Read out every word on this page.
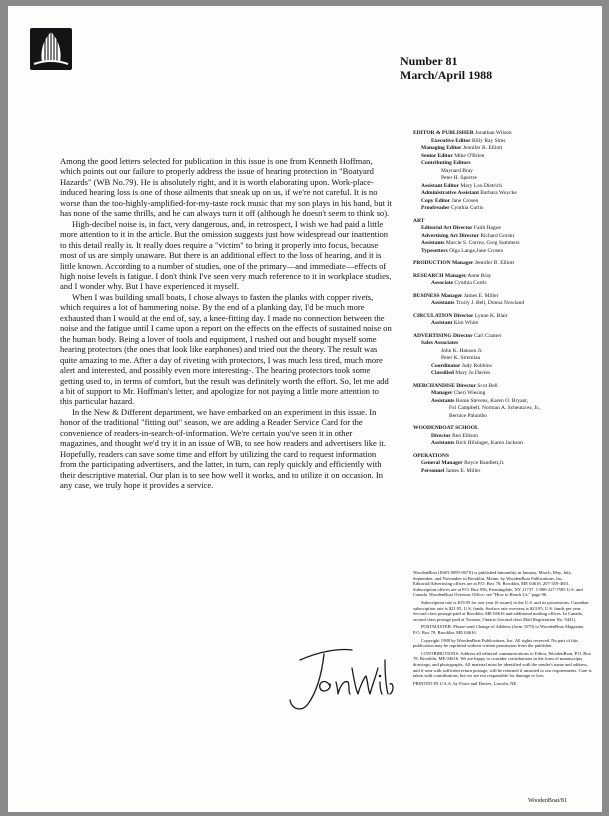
Number 81
March/April 1988

Among the good letters selected for publication in this issue is one from Kenneth Hoffman, which points out our failure to properly address the issue of hearing protection in "Boatyard Hazards" (WB No.79). He is absolutely right, and it is worth elaborating upon. Work-place-induced hearing loss is one of those ailments that sneak up on us, if we're not careful. It is no worse than the too-highly-amplified-for-my-taste rock music that my son plays in his band, but it has none of the same thrills, and he can always turn it off (although he doesn't seem to think so).

High-decibel noise is, in fact, very dangerous, and, in retrospect, I wish we had paid a little more attention to it in the article. But the omission suggests just how widespread our inattention to this detail really is. It really does require a "victim" to bring it properly into focus, because most of us are simply unaware. But there is an additional effect to the loss of hearing, and it is little known. According to a number of studies, one of the primary—and immediate—effects of high noise levels is fatigue. I don't think I've seen very much reference to it in workplace studies, and I wonder why. But I have experienced it myself.

When I was building small boats, I chose always to fasten the planks with copper rivets, which requires a lot of hammering noise. By the end of a planking day, I'd be much more exhausted than I would at the end of, say, a knee-fitting day. I made no connection between the noise and the fatigue until I came upon a report on the effects on the effects of sustained noise on the human body. Being a lover of tools and equipment, I rushed out and bought myself some hearing protectors (the ones that look like earphones) and tried out the theory. The result was quite amazing to me. After a day of riveting with protectors, I was much less tired, much more alert and interested, and possibly even more interesting-. The hearing protectors took some getting used to, in terms of comfort, but the result was definitely worth the effort. So, let me add a bit of support to Mr. Hoffman's letter, and apologize for not paying a little more attention to this particular hazard.

In the New & Different department, we have embarked on an experiment in this issue. In honor of the traditional "fitting out" season, we are adding a Reader Service Card for the convenience of readers-in-search-of-information. We're certain you've seen it in other magazines, and thought we'd try it in an issue of WB, to see how readers and advertisers like it. Hopefully, readers can save some time and effort by utilizing the card to request information from the participating advertisers, and the latter, in turn, can reply quickly and efficiently with their descriptive material. Our plan is to see how well it works, and to utilize it on occasion. In any case, we truly hope it provides a service.

EDITOR & PUBLISHER Jonathan Wilson
Executive Editor Billy Ray Sims
Managing Editor Jennifer B. Elliott
Senior Editor Mike O'Brien
Contributing Editors
Maynard Bray
Peter H. Spectre
Assistant Editor Mary Lou Dietrich
Administrative Assistant Barbara Woycke
Copy Editor Jane Crosen
Proofreader Cynthia Curtis
ART
Editorial Art Director Faith Hague
Advertising Art Director Richard Gorski
Assistants Marcie S. Correa, Greg Summers
Typesetters Olga Lange,Jane Crosen
PRODUCTION Manager Jennifer B. Elliott
RESEARCH Manager Anne Bray
Associate Cynthia Curtis
BUSINESS Manager James E. Miller
Assistants Truriy J. Bell, Donna Nowland
CIRCULATION Director Lynne K. Blair
Assistant Kim White
ADVERTISING Director Carl Cramer
Sales Associates
John K. Hanson Jr.
Peter K. Stremlau
Coordinator Judy Robbins
Classified Mary Jo Davies
MERCHANDISE Director Scot Bell
Manager Cheri Wiesing
Assistants Ronie Stevens, Karen O. Bryant,
Fxl Campbell, Norman A. Scheutzow, Jr.,
Bernice Palumbo
WOODENBOAT SCHOOL
Director Ren Ellison
Assistants Rich Hilsinger, Karen Jackson
OPERATIONS
General Manager Royce Randlett,Jr.
Personnel James E. Miller

WoodenBoat (ISSN 0095-067X) is published bimonthly in January, March, May, July, September, and November in Brooklin, Maine, by WoodenBoat Publications, Inc. Editorial/Advertising offices are at P.O. Box 78, Brooklin, ME 04616. 207-359-4651. Subscription offices are at P.O. Box 956, Farmingdale, NY 11737. 1-800-227-7585 U.S. and Canada. WoodenBoat Overseas Office: see "How to Reach Us," page 96.

Subscription rate is $19.95 for one year (6 issues) in the U.S. and its possessions. Canadian subscription rate is $21.95, U.S. funds. Surface rate overseas is $23.95, U.S. funds per year. Second class postage paid at Brooklin, ME 04616 and additional mailing offices. In Canada, second class postage paid at Toronto, Ontario (second class Mail Registration No. 9441).

POSTMASTER: Please send Change of Address (form 3579) to WoodenBoat Magazine, P.O. Box 78, Brooklin, ME 04616.

Copyright 1988 by WoodenBoat Publications, Inc. All rights reserved. No part of this publication may be reprinted without written permission from the publisher.

CONTRIBUTIONS: Address all editorial communications to Editor, WoodenBoat, P.O. Box 78, Brooklin, ME 04616. We are happy to consider contributions in the form of manuscripts, drawings, and photographs. All material must be identified with the sender's name and address, and if sent with sufficient return postage, will be returned if unsuited to our requirements. Care is taken with contributions, but we are not responsible for damage or loss.

PRINTED IN U.S.A. by Foote and Davies, Lincoln, NE.

WoodenBoat/81
